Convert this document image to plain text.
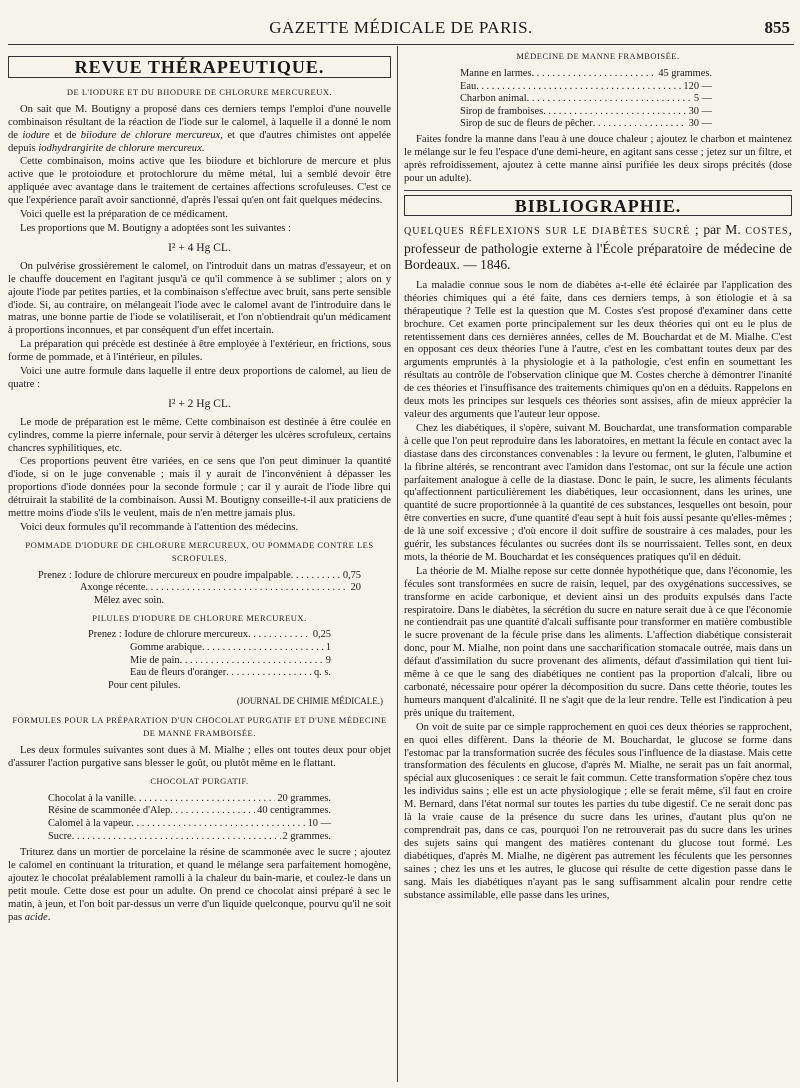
GAZETTE MÉDICALE DE PARIS.	855
REVUE THÉRAPEUTIQUE.
DE L'IODURE ET DU BIIODURE DE CHLORURE MERCUREUX.

On sait que M. Boutigny a proposé dans ces derniers temps l'emploi d'une nouvelle combinaison résultant de la réaction de l'iode sur le calomel, à laquelle il a donné le nom de iodure et de biiodure de chlorure mercureux, et que d'autres chimistes ont appelée depuis iodhydrargirite de chlorure mercureux.

Cette combinaison, moins active que les biiodure et bichlorure de mercure et plus active que le protoiodure et protochlorure du même métal, lui a semblé devoir être appliquée avec avantage dans le traitement de certaines affections scrofuleuses. C'est ce que l'expérience paraît avoir sanctionné, d'après l'essai qu'en ont fait quelques médecins.

Voici quelle est la préparation de ce médicament.

Les proportions que M. Boutigny a adoptées sont les suivantes :

I² + 4 Hg CL.

On pulvérise grossièrement le calomel, on l'introduit dans un matras d'essayeur, et on le chauffe doucement en l'agitant jusqu'à ce qu'il commence à se sublimer ; alors on y ajoute l'iode par petites parties, et la combinaison s'effectue avec bruit, sans perte sensible d'iode. Si, au contraire, on mélangeait l'iode avec le calomel avant de l'introduire dans le matras, une bonne partie de l'iode se volatiliserait, et l'on n'obtiendrait qu'un médicament à proportions inconnues, et par conséquent d'un effet incertain.

La préparation qui précède est destinée à être employée à l'extérieur, en frictions, sous forme de pommade, et à l'intérieur, en pilules.

Voici une autre formule dans laquelle il entre deux proportions de calomel, au lieu de quatre :

I² + 2 Hg CL.

Le mode de préparation est le même. Cette combinaison est destinée à être coulée en cylindres, comme la pierre infernale, pour servir à déterger les ulcères scrofuleux, certains chancres syphilitiques, etc.

Ces proportions peuvent être variées, en ce sens que l'on peut diminuer la quantité d'iode, si on le juge convenable ; mais il y aurait de l'inconvénient à dépasser les proportions d'iode données pour la seconde formule ; car il y aurait de l'iode libre qui détruirait la stabilité de la combinaison. Aussi M. Boutigny conseille-t-il aux praticiens de mettre moins d'iode s'ils le veulent, mais de n'en mettre jamais plus.

Voici deux formules qu'il recommande à l'attention des médecins.

POMMADE D'IODURE DE CHLORURE MERCUREUX, OU POMMADE CONTRE LES SCROFULES.
Prenez : Iodure de chlorure mercureux en poudre impalpable . . .	0,75
Axonge récente . . .	20
Mêlez avec soin.
PILULES D'IODURE DE CHLORURE MERCUREUX.
Prenez : Iodure de chlorure mercureux . . .	0,25
Gomme arabique . . .	1
Mie de pain . . .	9
Eau de fleurs d'oranger . . .	q. s.
Pour cent pilules.
(JOURNAL DE CHIMIE MÉDICALE.)
FORMULES POUR LA PRÉPARATION D'UN CHOCOLAT PURGATIF ET D'UNE MÉDECINE DE MANNE FRAMBOISÉE.

Les deux formules suivantes sont dues à M. Mialhe ; elles ont toutes deux pour objet d'assurer l'action purgative sans blesser le goût, ou plutôt même en le flattant.

CHOCOLAT PURGATIF.
Chocolat à la vanille . . .	20 grammes.
Résine de scammonée d'Alep . . .	40 centigrammes.
Calomel à la vapeur . . .	10 —
Sucre . . .	2 grammes.

Triturez dans un mortier de porcelaine la résine de scammonée avec le sucre ; ajoutez le calomel en continuant la trituration, et quand le mélange sera parfaitement homogène, ajoutez le chocolat préalablement ramolli à la chaleur du bain-marie, et coulez-le dans un petit moule. Cette dose est pour un adulte. On prend ce chocolat ainsi préparé à sec le matin, à jeun, et l'on boit par-dessus un verre d'un liquide quelconque, pourvu qu'il ne soit pas acide.

MÉDECINE DE MANNE FRAMBOISÉE.
Manne en larmes . . .	45 grammes.
Eau . . .	120 —
Charbon animal . . .	5 —
Sirop de framboises . . .	30 —
Sirop de suc de fleurs de pêcher . . .	30 —

Faites fondre la manne dans l'eau à une douce chaleur ; ajoutez le charbon et maintenez le mélange sur le feu l'espace d'une demi-heure, en agitant sans cesse ; jetez sur un filtre, et après refroidissement, ajoutez à cette manne ainsi purifiée les deux sirops précités (dose pour un adulte).

BIBLIOGRAPHIE.
QUELQUES RÉFLEXIONS SUR LE DIABÈTES SUCRÉ ; par M. COSTES, professeur de pathologie externe à l'École préparatoire de médecine de Bordeaux. — 1846.

La maladie connue sous le nom de diabètes a-t-elle été éclairée par l'application des théories chimiques qui a été faite, dans ces derniers temps, à son étiologie et à sa thérapeutique ? Telle est la question que M. Costes s'est proposé d'examiner dans cette brochure. Cet examen porte principalement sur les deux théories qui ont eu le plus de retentissement dans ces dernières années, celles de M. Bouchardat et de M. Mialhe. C'est en opposant ces deux théories l'une à l'autre, c'est en les combattant toutes deux par des arguments empruntés à la physiologie et à la pathologie, c'est enfin en soumettant les résultats au contrôle de l'observation clinique que M. Costes cherche à démontrer l'inanité de ces théories et l'insuffisance des traitements chimiques qu'on en a déduits. Rappelons en deux mots les principes sur lesquels ces théories sont assises, afin de mieux apprécier la valeur des arguments que l'auteur leur oppose.

Chez les diabétiques, il s'opère, suivant M. Bouchardat, une transformation comparable à celle que l'on peut reproduire dans les laboratoires, en mettant la fécule en contact avec la diastase dans des circonstances convenables : la levure ou ferment, le gluten, l'albumine et la fibrine altérés, se rencontrant avec l'amidon dans l'estomac, ont sur la fécule une action parfaitement analogue à celle de la diastase. Donc le pain, le sucre, les aliments féculants qu'affectionnent particulièrement les diabétiques, leur occasionnent, dans les urines, une quantité de sucre proportionnée à la quantité de ces substances, lesquelles ont besoin, pour être converties en sucre, d'une quantité d'eau sept à huit fois aussi pesante qu'elles-mêmes ; de là une soif excessive ; d'où encore il doit suffire de soustraire à ces malades, pour les guérir, les substances féculantes ou sucrées dont ils se nourrissaient. Telles sont, en deux mots, la théorie de M. Bouchardat et les conséquences pratiques qu'il en déduit.

La théorie de M. Mialhe repose sur cette donnée hypothétique que, dans l'économie, les fécules sont transformées en sucre de raisin, lequel, par des oxygénations successives, se transforme en acide carbonique, et devient ainsi un des produits expulsés dans l'acte respiratoire. Dans le diabètes, la sécrétion du sucre en nature serait due à ce que l'économie ne contiendrait pas une quantité d'alcali suffisante pour transformer en matière combustible le sucre provenant de la fécule prise dans les aliments. L'affection diabétique consisterait donc, pour M. Mialhe, non point dans une saccharification stomacale outrée, mais dans un défaut d'assimilation du sucre provenant des aliments, défaut d'assimilation qui tient lui-même à ce que le sang des diabétiques ne contient pas la proportion d'alcali, libre ou carbonaté, nécessaire pour opérer la décomposition du sucre. Dans cette théorie, toutes les humeurs manquent d'alcalinité. Il ne s'agit que de la leur rendre. Telle est l'indication à peu près unique du traitement.

On voit de suite par ce simple rapprochement en quoi ces deux théories se rapprochent, en quoi elles diffèrent. Dans la théorie de M. Bouchardat, le glucose se forme dans l'estomac par la transformation sucrée des fécules sous l'influence de la diastase. Mais cette transformation des féculents en glucose, d'après M. Mialhe, ne serait pas un fait anormal, spécial aux glucoseniques : ce serait le fait commun. Cette transformation s'opère chez tous les individus sains ; elle est un acte physiologique ; elle se ferait même, s'il faut en croire M. Bernard, dans l'état normal sur toutes les parties du tube digestif. Ce ne serait donc pas là la vraie cause de la présence du sucre dans les urines, d'autant plus qu'on ne comprendrait pas, dans ce cas, pourquoi l'on ne retrouverait pas du sucre dans les urines des sujets sains qui mangent des matières contenant du glucose tout formé. Les diabétiques, d'après M. Mialhe, ne digèrent pas autrement les féculents que les personnes saines ; chez les uns et les autres, le glucose qui résulte de cette digestion passe dans le sang. Mais les diabétiques n'ayant pas le sang suffisamment alcalin pour rendre cette substance assimilable, elle passe dans les urines,
